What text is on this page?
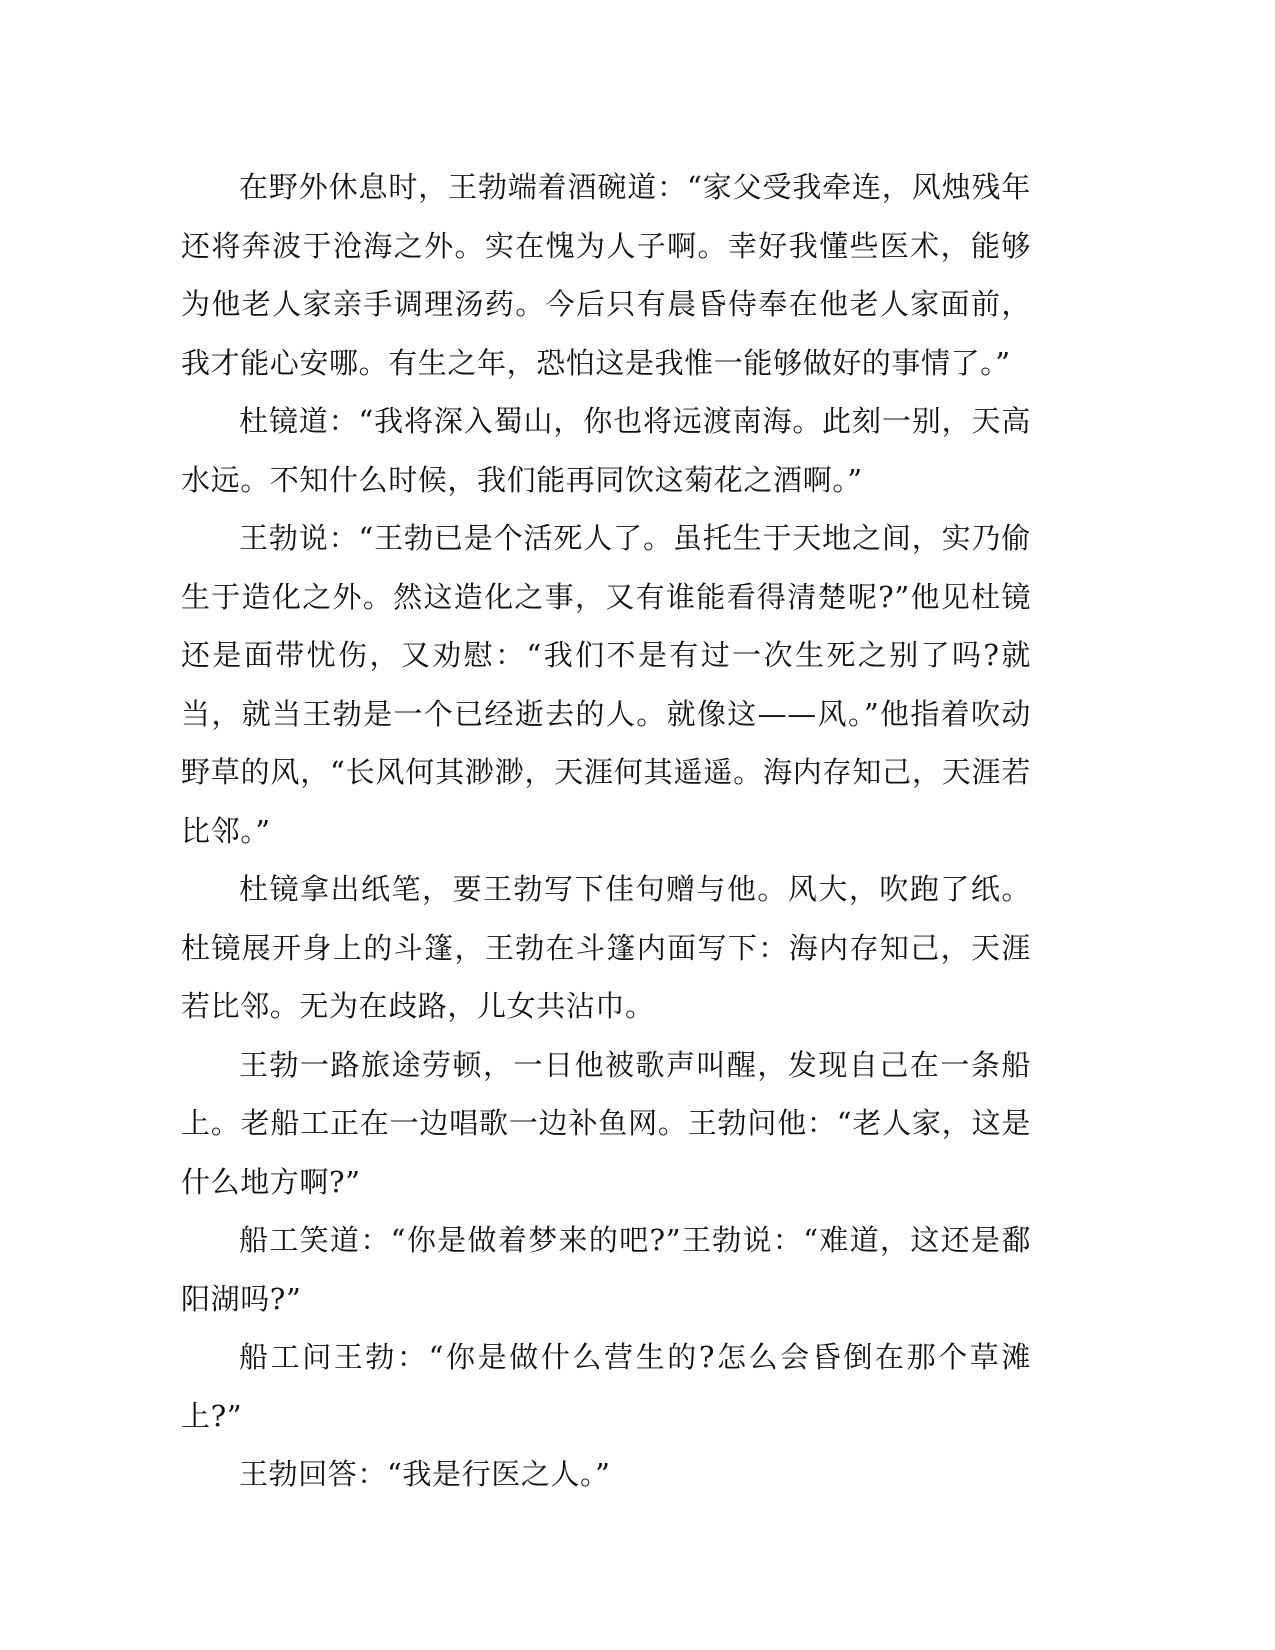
在野外休息时，王勃端着酒碗道：“家父受我牵连，风烛残年还将奔波于沧海之外。实在愧为人子啊。幸好我懂些医术，能够为他老人家亲手调理汤药。今后只有晨昏侍奉在他老人家面前，我才能心安哪。有生之年，恐怕这是我惟一能够做好的事情了。”

杜镜道：“我将深入蜀山，你也将远渡南海。此刻一别，天高水远。不知什么时候，我们能再同饮这菊花之酒啊。”

王勃说：“王勃已是个活死人了。虽托生于天地之间，实乃偷生于造化之外。然这造化之事，又有谁能看得清楚呢?”他见杜镜还是面带忧伤，又劝慰：“我们不是有过一次生死之别了吗?就当，就当王勃是一个已经逝去的人。就像这——风。”他指着吹动野草的风，“长风何其渺渺，天涯何其遥遥。海内存知己，天涯若比邻。”

杜镜拿出纸笔，要王勃写下佳句赠与他。风大，吹跑了纸。杜镜展开身上的斗篷，王勃在斗篷内面写下：海内存知己，天涯若比邻。无为在歧路，儿女共沾巾。

王勃一路旅途劳顿，一日他被歌声叫醒，发现自己在一条船上。老船工正在一边唱歌一边补鱼网。王勃问他：“老人家，这是什么地方啊?”

船工笑道：“你是做着梦来的吧?”王勃说：“难道，这还是鄱阳湖吗?”

船工问王勃：“你是做什么营生的?怎么会昏倒在那个草滩上?”

王勃回答：“我是行医之人。”
